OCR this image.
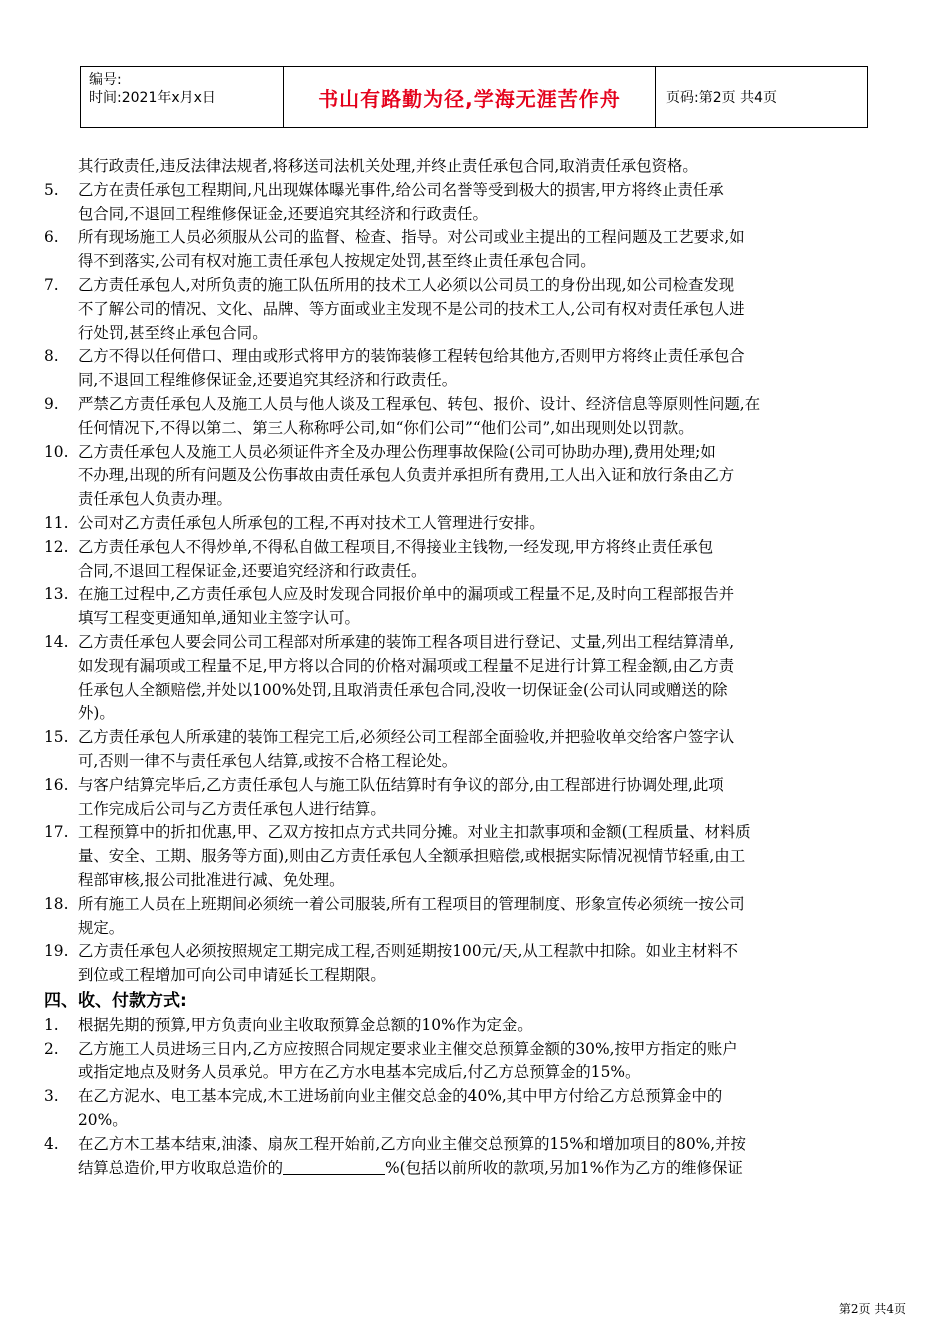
编号:
时间:2021年x月x日	书山有路勤为径,学海无涯苦作舟	页码:第2页 共4页
其行政责任,违反法律法规者,将移送司法机关处理,并终止责任承包合同,取消责任承包资格。
5.	乙方在责任承包工程期间,凡出现媒体曝光事件,给公司名誉等受到极大的损害,甲方将终止责任承
包合同,不退回工程维修保证金,还要追究其经济和行政责任。
6.	所有现场施工人员必须服从公司的监督、检查、指导。对公司或业主提出的工程问题及工艺要求,如
得不到落实,公司有权对施工责任承包人按规定处罚,甚至终止责任承包合同。
7.	乙方责任承包人,对所负责的施工队伍所用的技术工人必须以公司员工的身份出现,如公司检查发现
不了解公司的情况、文化、品牌、等方面或业主发现不是公司的技术工人,公司有权对责任承包人进
行处罚,甚至终止承包合同。
8.	乙方不得以任何借口、理由或形式将甲方的装饰装修工程转包给其他方,否则甲方将终止责任承包合
同,不退回工程维修保证金,还要追究其经济和行政责任。
9.	严禁乙方责任承包人及施工人员与他人谈及工程承包、转包、报价、设计、经济信息等原则性问题,在
任何情况下,不得以第二、第三人称称呼公司,如“你们公司”“他们公司”,如出现则处以罚款。
10. 乙方责任承包人及施工人员必须证件齐全及办理公伤理事故保险(公司可协助办理),费用处理;如
不办理,出现的所有问题及公伤事故由责任承包人负责并承担所有费用,工人出入证和放行条由乙方
责任承包人负责办理。
11. 公司对乙方责任承包人所承包的工程,不再对技术工人管理进行安排。
12. 乙方责任承包人不得炒单,不得私自做工程项目,不得接业主钱物,一经发现,甲方将终止责任承包
合同,不退回工程保证金,还要追究经济和行政责任。
13. 在施工过程中,乙方责任承包人应及时发现合同报价单中的漏项或工程量不足,及时向工程部报告并
填写工程变更通知单,通知业主签字认可。
14. 乙方责任承包人要会同公司工程部对所承建的装饰工程各项目进行登记、丈量,列出工程结算清单,
如发现有漏项或工程量不足,甲方将以合同的价格对漏项或工程量不足进行计算工程金额,由乙方责
任承包人全额赔偿,并处以100%处罚,且取消责任承包合同,没收一切保证金(公司认同或赠送的除
外)。
15. 乙方责任承包人所承建的装饰工程完工后,必须经公司工程部全面验收,并把验收单交给客户签字认
可,否则一律不与责任承包人结算,或按不合格工程论处。
16. 与客户结算完毕后,乙方责任承包人与施工队伍结算时有争议的部分,由工程部进行协调处理,此项
工作完成后公司与乙方责任承包人进行结算。
17. 工程预算中的折扣优惠,甲、乙双方按扣点方式共同分摊。对业主扣款事项和金额(工程质量、材料质
量、安全、工期、服务等方面),则由乙方责任承包人全额承担赔偿,或根据实际情况视情节轻重,由工
程部审核,报公司批准进行减、免处理。
18. 所有施工人员在上班期间必须统一着公司服装,所有工程项目的管理制度、形象宣传必须统一按公司
规定。
19. 乙方责任承包人必须按照规定工期完成工程,否则延期按100元/天,从工程款中扣除。如业主材料不
到位或工程增加可向公司申请延长工程期限。
四、收、付款方式:
1.	根据先期的预算,甲方负责向业主收取预算金总额的10%作为定金。
2.	乙方施工人员进场三日内,乙方应按照合同规定要求业主催交总预算金额的30%,按甲方指定的账户
或指定地点及财务人员承兑。甲方在乙方水电基本完成后,付乙方总预算金的15%。
3.	在乙方泥水、电工基本完成,木工进场前向业主催交总金的40%,其中甲方付给乙方总预算金中的
20%。
4.	在乙方木工基本结束,油漆、扇灰工程开始前,乙方向业主催交总预算的15%和增加项目的80%,并按
结算总造价,甲方收取总造价的	%(包括以前所收的款项,另加1%作为乙方的维修保证
第2页 共4页
